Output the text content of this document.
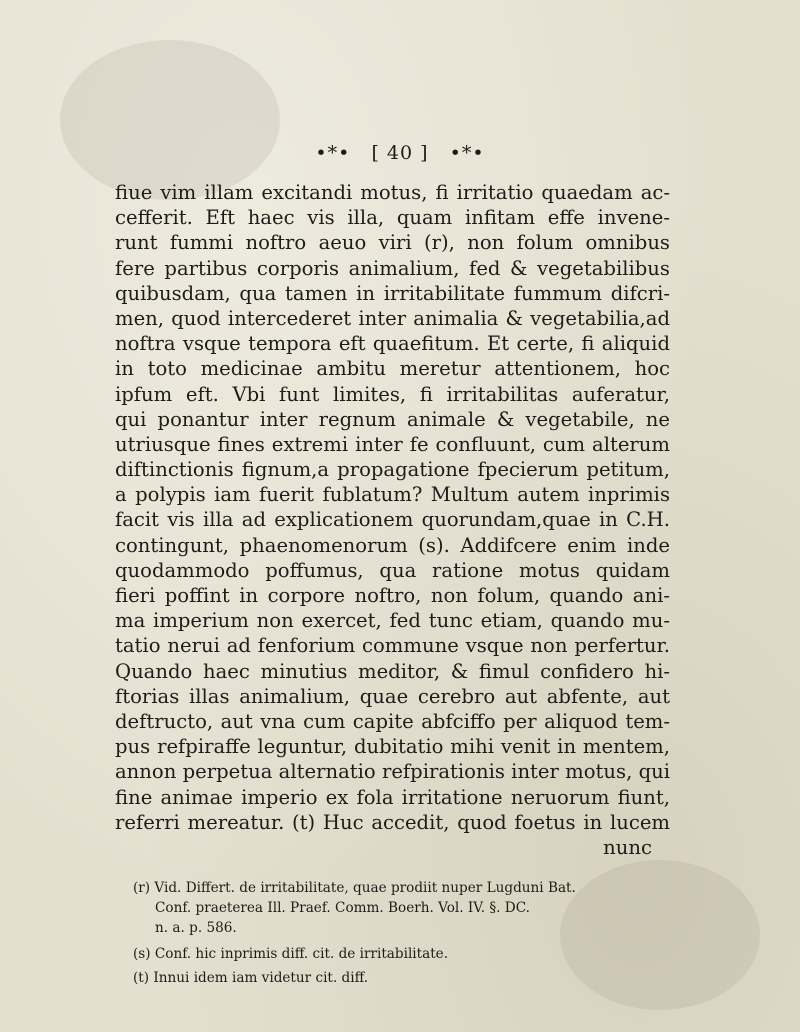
•*•   [ 40 ]   •*•
fiue vim illam excitandi motus, fi irritatio quaedam ac-
cefferit. Eft haec vis illa, quam infitam effe invene-
runt fummi noftro aeuo viri (r), non folum omnibus
fere partibus corporis animalium, fed & vegetabilibus
quibusdam, qua tamen in irritabilitate fummum difcri-
men, quod intercederet inter animalia & vegetabilia,ad
noftra vsque tempora eft quaefitum. Et certe, fi aliquid
in toto medicinae ambitu meretur attentionem, hoc
ipfum eft. Vbi funt limites, fi irritabilitas auferatur,
qui ponantur inter regnum animale & vegetabile, ne
utriusque fines extremi inter fe confluunt, cum alterum
diftinctionis fignum,a propagatione fpecierum petitum,
a polypis iam fuerit fublatum? Multum autem inprimis
facit vis illa ad explicationem quorundam,quae in C.H.
contingunt, phaenomenorum (s). Addifcere enim inde
quodammodo poffumus, qua ratione motus quidam
fieri poffint in corpore noftro, non folum, quando ani-
ma imperium non exercet, fed tunc etiam, quando mu-
tatio nerui ad fenforium commune vsque non perfertur.
Quando haec minutius meditor, & fimul confidero hi-
ftorias illas animalium, quae cerebro aut abfente, aut
deftructo, aut vna cum capite abfciffo per aliquod tem-
pus refpiraffe leguntur, dubitatio mihi venit in mentem,
annon perpetua alternatio refpirationis inter motus, qui
fine animae imperio ex fola irritatione neruorum fiunt,
referri mereatur. (t) Huc accedit, quod foetus in lucem
nunc
(r) Vid. Differt. de irritabilitate, quae prodiit nuper Lugduni Bat.
Conf. praeterea Ill. Praef. Comm. Boerh. Vol. IV. §. DC.
n. a. p. 586.
(s) Conf. hic inprimis diff. cit. de irritabilitate.
(t) Innui idem iam videtur cit. diff.
